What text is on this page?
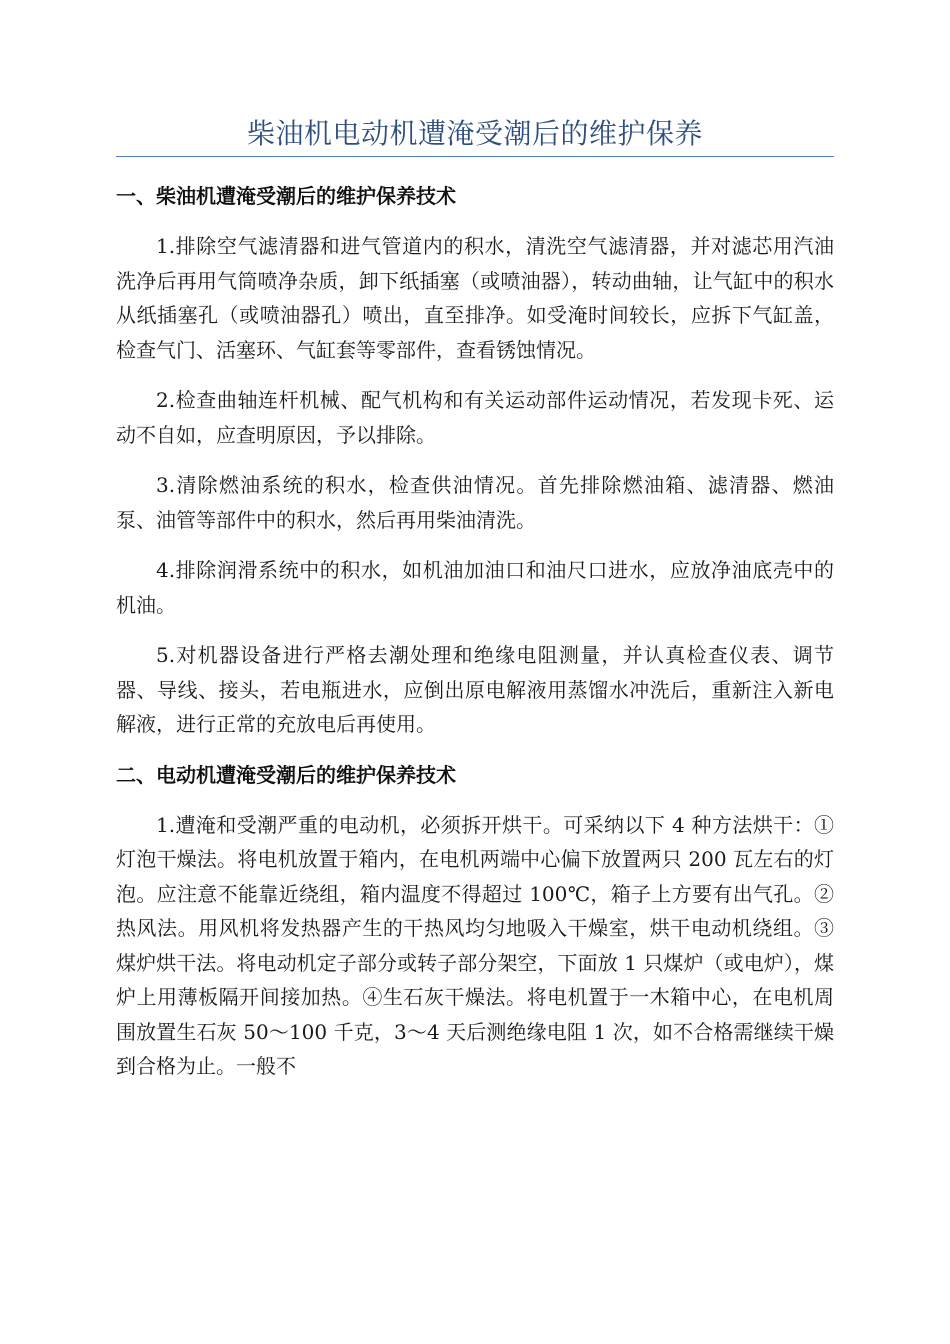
柴油机电动机遭淹受潮后的维护保养
一、柴油机遭淹受潮后的维护保养技术

1.排除空气滤清器和进气管道内的积水，清洗空气滤清器，并对滤芯用汽油洗净后再用气筒喷净杂质，卸下纸插塞（或喷油器），转动曲轴，让气缸中的积水从纸插塞孔（或喷油器孔）喷出，直至排净。如受淹时间较长，应拆下气缸盖，检查气门、活塞环、气缸套等零部件，查看锈蚀情况。

2.检查曲轴连杆机械、配气机构和有关运动部件运动情况，若发现卡死、运动不自如，应查明原因，予以排除。

3.清除燃油系统的积水，检查供油情况。首先排除燃油箱、滤清器、燃油泵、油管等部件中的积水，然后再用柴油清洗。

4.排除润滑系统中的积水，如机油加油口和油尺口进水，应放净油底壳中的机油。

5.对机器设备进行严格去潮处理和绝缘电阻测量，并认真检查仪表、调节器、导线、接头，若电瓶进水，应倒出原电解液用蒸馏水冲洗后，重新注入新电解液，进行正常的充放电后再使用。

二、电动机遭淹受潮后的维护保养技术

1.遭淹和受潮严重的电动机，必须拆开烘干。可采纳以下 4 种方法烘干：①灯泡干燥法。将电机放置于箱内，在电机两端中心偏下放置两只 200 瓦左右的灯泡。应注意不能靠近绕组，箱内温度不得超过 100℃，箱子上方要有出气孔。②热风法。用风机将发热器产生的干热风均匀地吸入干燥室，烘干电动机绕组。③煤炉烘干法。将电动机定子部分或转子部分架空，下面放 1 只煤炉（或电炉），煤炉上用薄板隔开间接加热。④生石灰干燥法。将电机置于一木箱中心，在电机周围放置生石灰 50～100 千克，3～4 天后测绝缘电阻 1 次，如不合格需继续干燥到合格为止。一般不
